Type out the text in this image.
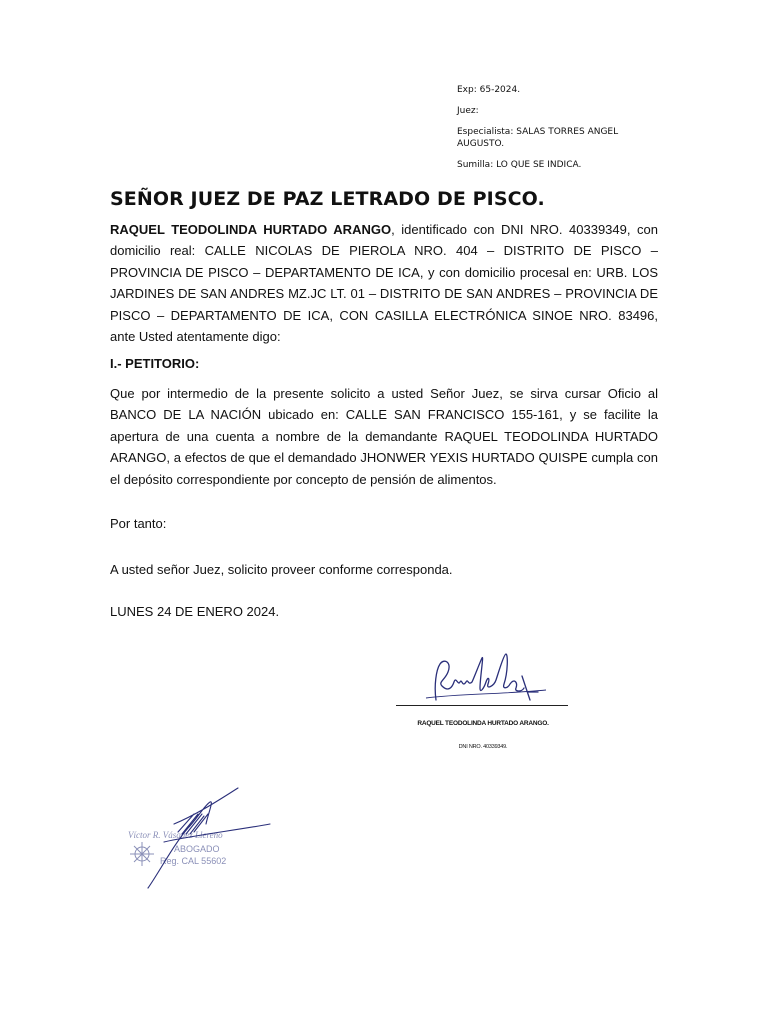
Exp: 65-2024.

Juez:

Especialista: SALAS TORRES ANGEL AUGUSTO.

Sumilla: LO QUE SE INDICA.

SEÑOR JUEZ DE PAZ LETRADO DE PISCO.

RAQUEL TEODOLINDA HURTADO ARANGO, identificado con DNI NRO. 40339349, con domicilio real: CALLE NICOLAS DE PIEROLA NRO. 404 – DISTRITO DE PISCO – PROVINCIA DE PISCO – DEPARTAMENTO DE ICA, y con domicilio procesal en: URB. LOS JARDINES DE SAN ANDRES MZ.JC LT. 01 – DISTRITO DE SAN ANDRES – PROVINCIA DE PISCO – DEPARTAMENTO DE ICA, CON CASILLA ELECTRÓNICA SINOE NRO. 83496, ante Usted atentamente digo:

I.- PETITORIO:

Que por intermedio de la presente solicito a usted Señor Juez, se sirva cursar Oficio al BANCO DE LA NACIÓN ubicado en: CALLE SAN FRANCISCO 155-161, y se facilite la apertura de una cuenta a nombre de la demandante RAQUEL TEODOLINDA HURTADO ARANGO, a efectos de que el demandado JHONWER YEXIS HURTADO QUISPE cumpla con el depósito correspondiente por concepto de pensión de alimentos.

Por tanto:

A usted señor Juez, solicito proveer conforme corresponda.

LUNES 24 DE ENERO 2024.

RAQUEL TEODOLINDA HURTADO ARANGO.
DNI NRO. 40339349.
Víctor R. Vásquez Llereno
ABOGADO
Reg. CAL 55602
